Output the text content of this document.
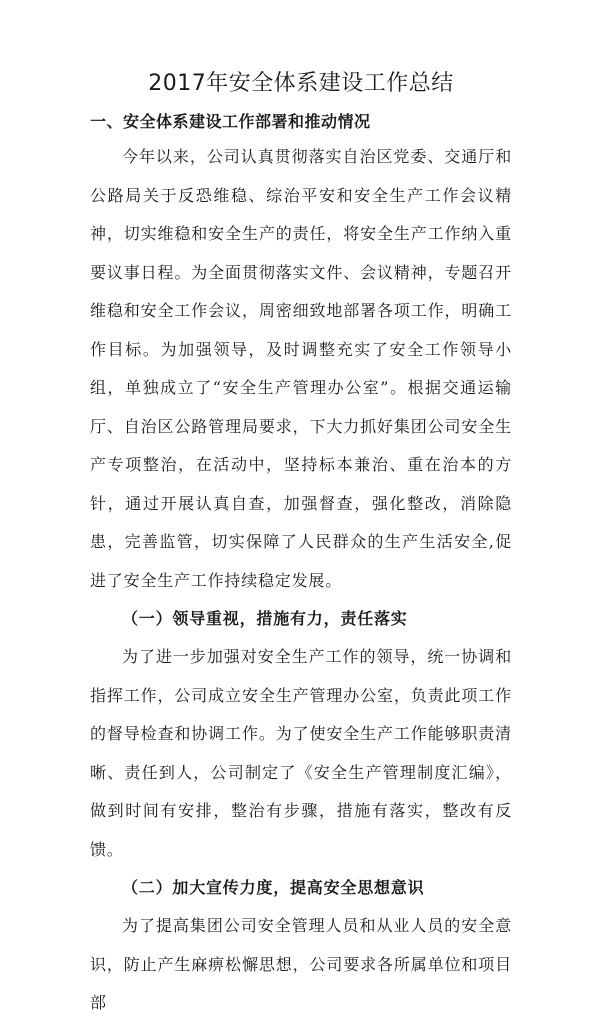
2017年安全体系建设工作总结
一、安全体系建设工作部署和推动情况

今年以来，公司认真贯彻落实自治区党委、交通厅和公路局关于反恐维稳、综治平安和安全生产工作会议精神，切实维稳和安全生产的责任，将安全生产工作纳入重要议事日程。为全面贯彻落实文件、会议精神，专题召开维稳和安全工作会议，周密细致地部署各项工作，明确工作目标。为加强领导，及时调整充实了安全工作领导小组，单独成立了“安全生产管理办公室”。根据交通运输厅、自治区公路管理局要求，下大力抓好集团公司安全生产专项整治，在活动中，坚持标本兼治、重在治本的方针，通过开展认真自查，加强督查，强化整改，消除隐患，完善监管，切实保障了人民群众的生产生活安全,促进了安全生产工作持续稳定发展。

（一）领导重视，措施有力，责任落实

为了进一步加强对安全生产工作的领导，统一协调和指挥工作，公司成立安全生产管理办公室，负责此项工作的督导检查和协调工作。为了使安全生产工作能够职责清晰、责任到人，公司制定了《安全生产管理制度汇编》，做到时间有安排，整治有步骤，措施有落实，整改有反馈。

（二）加大宣传力度，提高安全思想意识

为了提高集团公司安全管理人员和从业人员的安全意识，防止产生麻痹松懈思想，公司要求各所属单位和项目部
